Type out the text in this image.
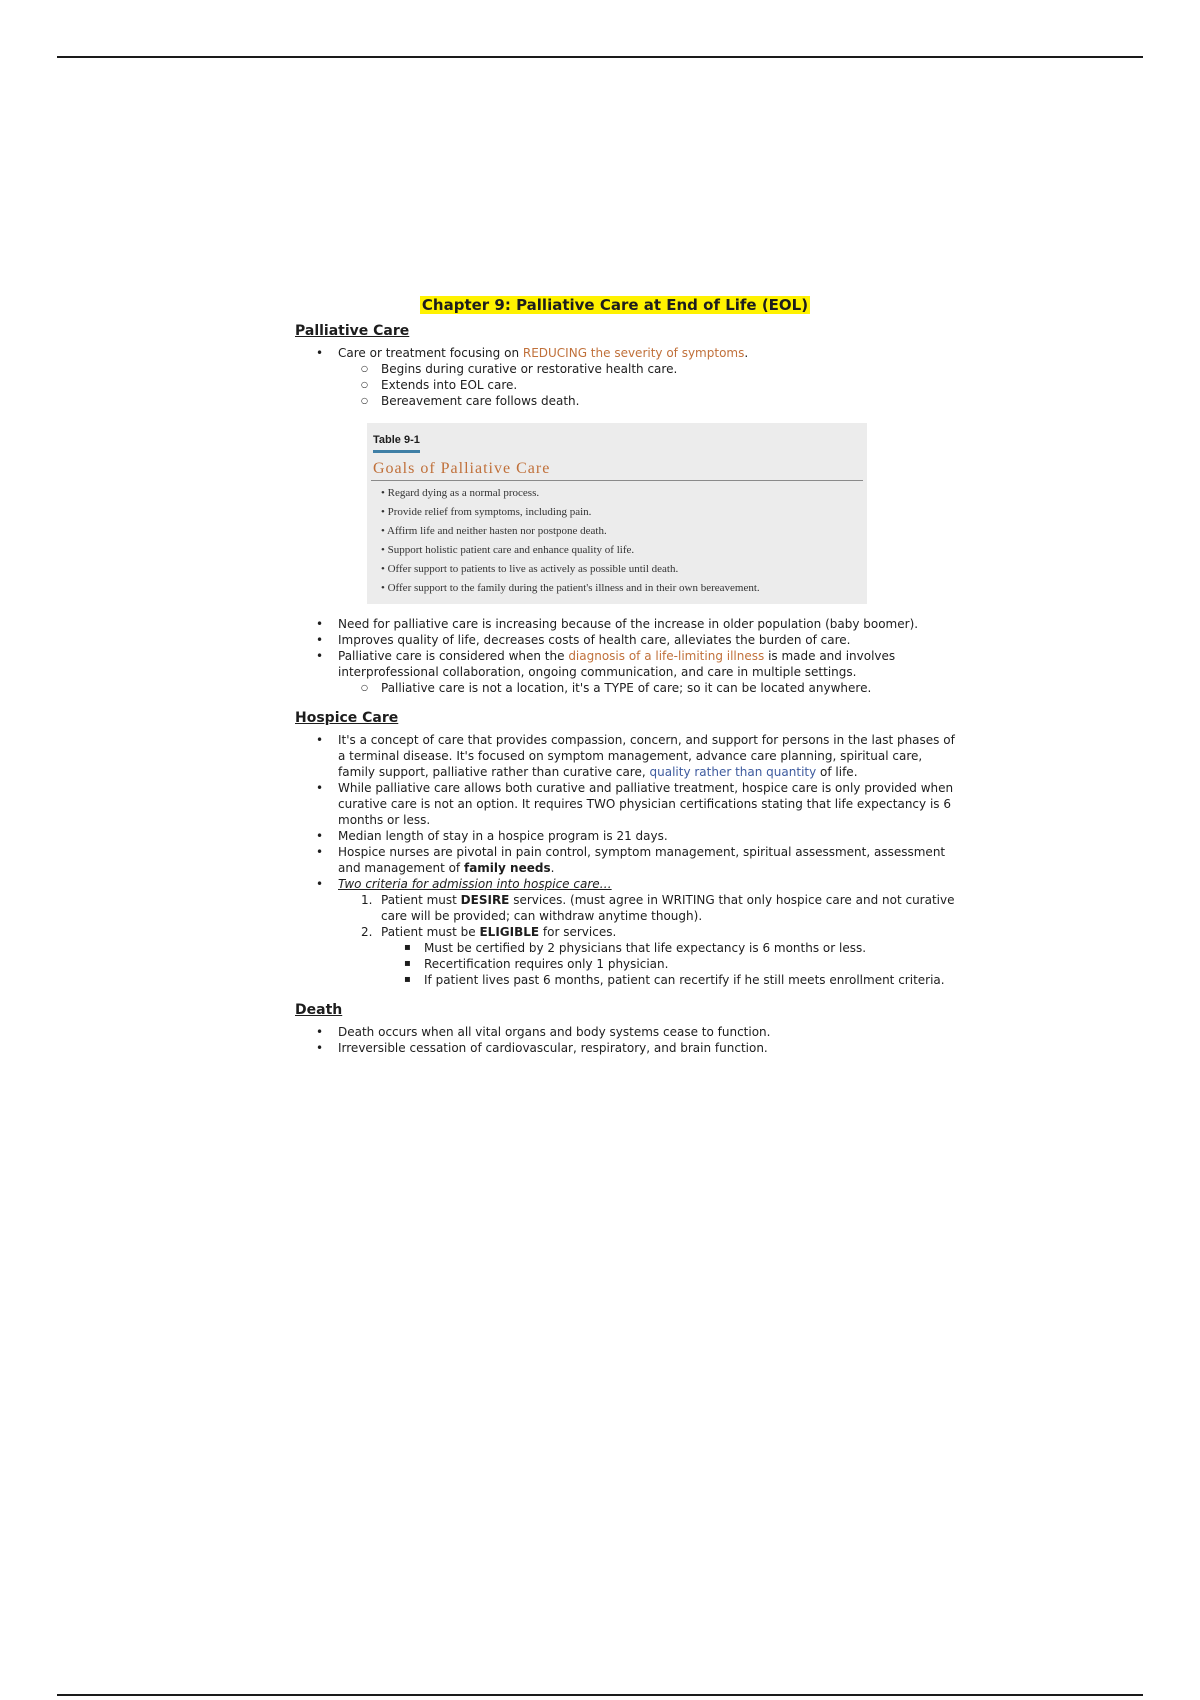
Chapter 9: Palliative Care at End of Life (EOL)
Palliative Care
• Care or treatment focusing on REDUCING the severity of symptoms.
○ Begins during curative or restorative health care.
○ Extends into EOL care.
○ Bereavement care follows death.
Table 9-1
Goals of Palliative Care
• Regard dying as a normal process.
• Provide relief from symptoms, including pain.
• Affirm life and neither hasten nor postpone death.
• Support holistic patient care and enhance quality of life.
• Offer support to patients to live as actively as possible until death.
• Offer support to the family during the patient's illness and in their own bereavement.
• Need for palliative care is increasing because of the increase in older population (baby boomer).
• Improves quality of life, decreases costs of health care, alleviates the burden of care.
• Palliative care is considered when the diagnosis of a life-limiting illness is made and involves interprofessional collaboration, ongoing communication, and care in multiple settings.
○ Palliative care is not a location, it's a TYPE of care; so it can be located anywhere.
Hospice Care
• It's a concept of care that provides compassion, concern, and support for persons in the last phases of a terminal disease. It's focused on symptom management, advance care planning, spiritual care, family support, palliative rather than curative care, quality rather than quantity of life.
• While palliative care allows both curative and palliative treatment, hospice care is only provided when curative care is not an option. It requires TWO physician certifications stating that life expectancy is 6 months or less.
• Median length of stay in a hospice program is 21 days.
• Hospice nurses are pivotal in pain control, symptom management, spiritual assessment, assessment and management of family needs.
• Two criteria for admission into hospice care…
1. Patient must DESIRE services. (must agree in WRITING that only hospice care and not curative care will be provided; can withdraw anytime though).
2. Patient must be ELIGIBLE for services.
▪ Must be certified by 2 physicians that life expectancy is 6 months or less.
▪ Recertification requires only 1 physician.
▪ If patient lives past 6 months, patient can recertify if he still meets enrollment criteria.
Death
• Death occurs when all vital organs and body systems cease to function.
• Irreversible cessation of cardiovascular, respiratory, and brain function.
